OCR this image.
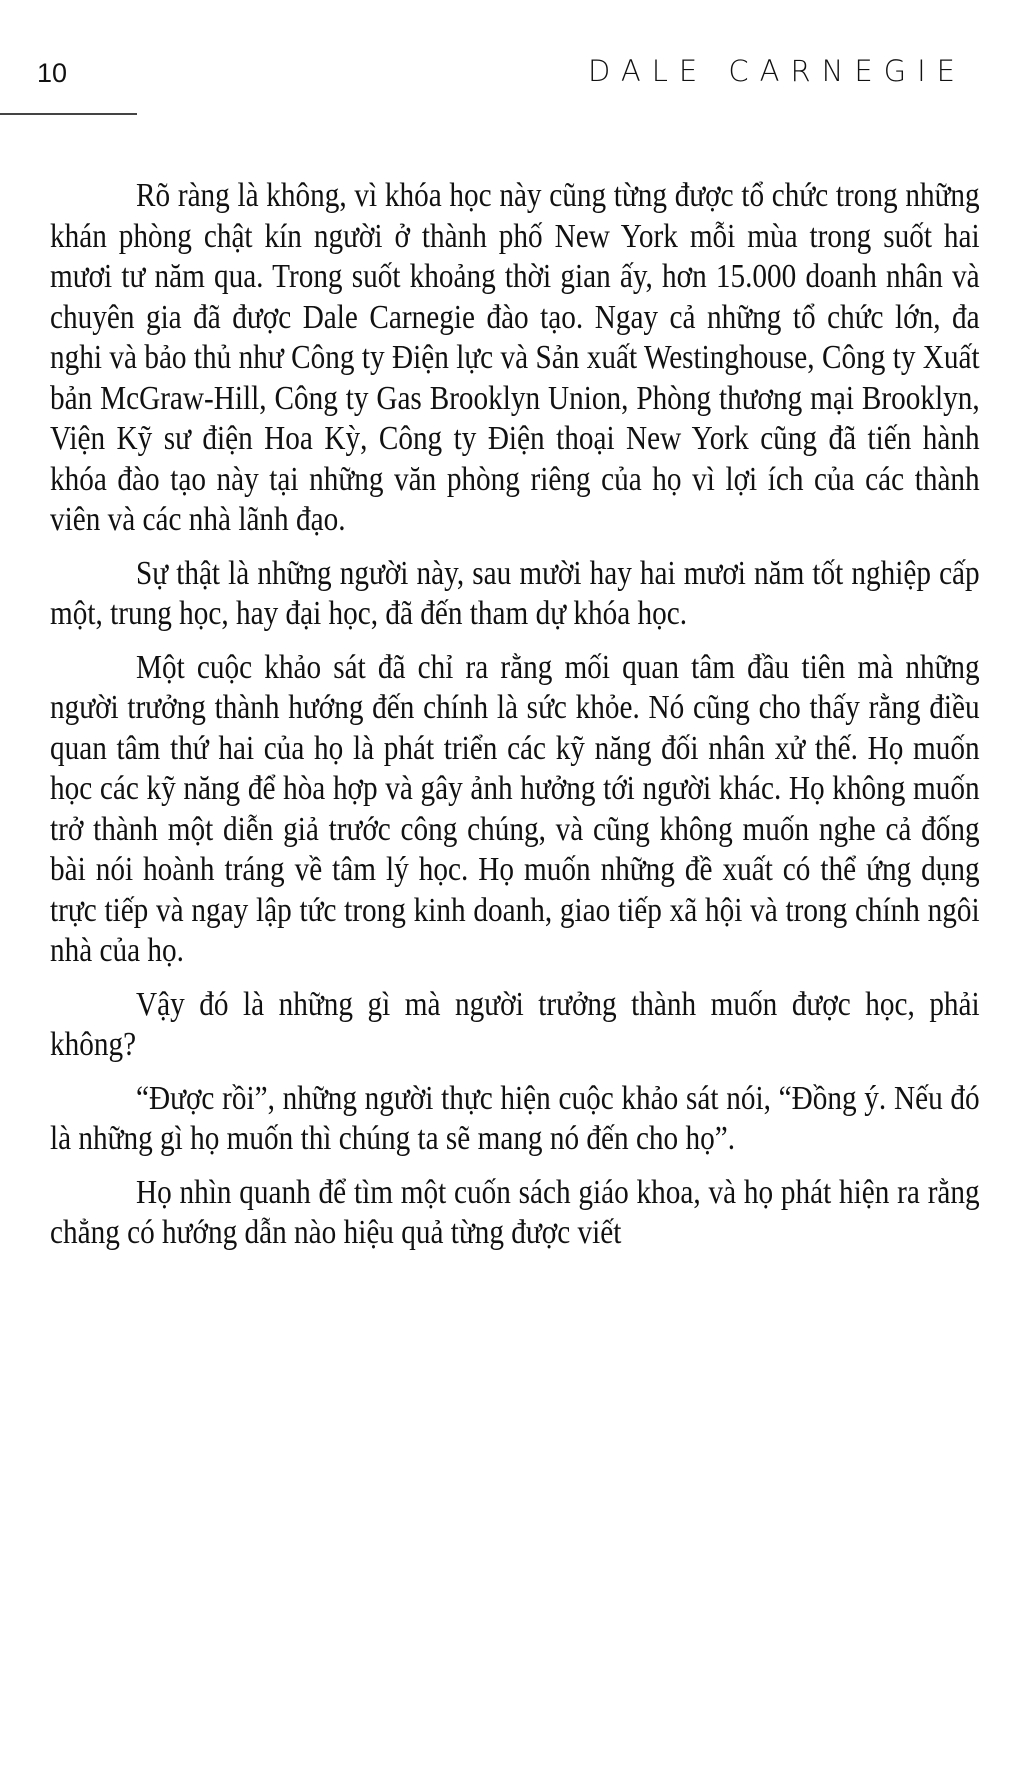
10	DALE CARNEGIE

Rõ ràng là không, vì khóa học này cũng từng được tổ chức trong những khán phòng chật kín người ở thành phố New York mỗi mùa trong suốt hai mươi tư năm qua. Trong suốt khoảng thời gian ấy, hơn 15.000 doanh nhân và chuyên gia đã được Dale Carnegie đào tạo. Ngay cả những tổ chức lớn, đa nghi và bảo thủ như Công ty Điện lực và Sản xuất Westinghouse, Công ty Xuất bản McGraw-Hill, Công ty Gas Brooklyn Union, Phòng thương mại Brooklyn, Viện Kỹ sư điện Hoa Kỳ, Công ty Điện thoại New York cũng đã tiến hành khóa đào tạo này tại những văn phòng riêng của họ vì lợi ích của các thành viên và các nhà lãnh đạo.

Sự thật là những người này, sau mười hay hai mươi năm tốt nghiệp cấp một, trung học, hay đại học, đã đến tham dự khóa học.

Một cuộc khảo sát đã chỉ ra rằng mối quan tâm đầu tiên mà những người trưởng thành hướng đến chính là sức khỏe. Nó cũng cho thấy rằng điều quan tâm thứ hai của họ là phát triển các kỹ năng đối nhân xử thế. Họ muốn học các kỹ năng để hòa hợp và gây ảnh hưởng tới người khác. Họ không muốn trở thành một diễn giả trước công chúng, và cũng không muốn nghe cả đống bài nói hoành tráng về tâm lý học. Họ muốn những đề xuất có thể ứng dụng trực tiếp và ngay lập tức trong kinh doanh, giao tiếp xã hội và trong chính ngôi nhà của họ.

Vậy đó là những gì mà người trưởng thành muốn được học, phải không?

“Được rồi”, những người thực hiện cuộc khảo sát nói, “Đồng ý. Nếu đó là những gì họ muốn thì chúng ta sẽ mang nó đến cho họ”.

Họ nhìn quanh để tìm một cuốn sách giáo khoa, và họ phát hiện ra rằng chẳng có hướng dẫn nào hiệu quả từng được viết
